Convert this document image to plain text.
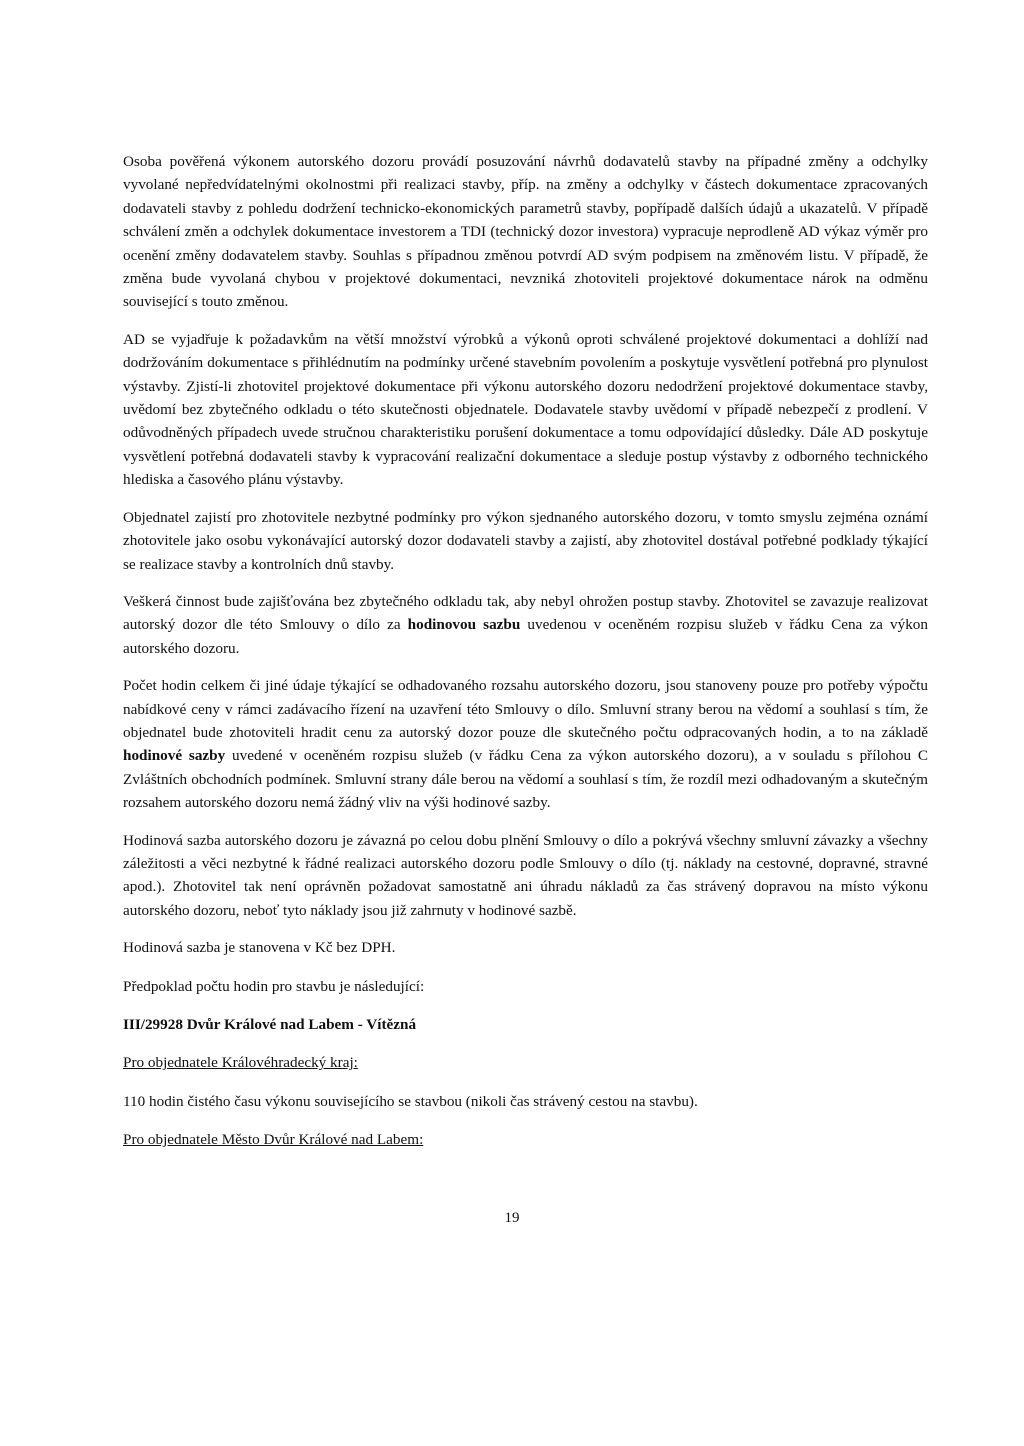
Osoba pověřená výkonem autorského dozoru provádí posuzování návrhů dodavatelů stavby na případné změny a odchylky vyvolané nepředvídatelnými okolnostmi při realizaci stavby, příp. na změny a odchylky v částech dokumentace zpracovaných dodavateli stavby z pohledu dodržení technicko-ekonomických parametrů stavby, popřípadě dalších údajů a ukazatelů. V případě schválení změn a odchylek dokumentace investorem a TDI (technický dozor investora) vypracuje neprodleně AD výkaz výměr pro ocenění změny dodavatelem stavby. Souhlas s případnou změnou potvrdí AD svým podpisem na změnovém listu. V případě, že změna bude vyvolaná chybou v projektové dokumentaci, nevzniká zhotoviteli projektové dokumentace nárok na odměnu související s touto změnou.

AD se vyjadřuje k požadavkům na větší množství výrobků a výkonů oproti schválené projektové dokumentaci a dohlíží nad dodržováním dokumentace s přihlédnutím na podmínky určené stavebním povolením a poskytuje vysvětlení potřebná pro plynulost výstavby. Zjistí-li zhotovitel projektové dokumentace při výkonu autorského dozoru nedodržení projektové dokumentace stavby, uvědomí bez zbytečného odkladu o této skutečnosti objednatele. Dodavatele stavby uvědomí v případě nebezpečí z prodlení. V odůvodněných případech uvede stručnou charakteristiku porušení dokumentace a tomu odpovídající důsledky. Dále AD poskytuje vysvětlení potřebná dodavateli stavby k vypracování realizační dokumentace a sleduje postup výstavby z odborného technického hlediska a časového plánu výstavby.

Objednatel zajistí pro zhotovitele nezbytné podmínky pro výkon sjednaného autorského dozoru, v tomto smyslu zejména oznámí zhotovitele jako osobu vykonávající autorský dozor dodavateli stavby a zajistí, aby zhotovitel dostával potřebné podklady týkající se realizace stavby a kontrolních dnů stavby.

Veškerá činnost bude zajišťována bez zbytečného odkladu tak, aby nebyl ohrožen postup stavby. Zhotovitel se zavazuje realizovat autorský dozor dle této Smlouvy o dílo za hodinovou sazbu uvedenou v oceněném rozpisu služeb v řádku Cena za výkon autorského dozoru.

Počet hodin celkem či jiné údaje týkající se odhadovaného rozsahu autorského dozoru, jsou stanoveny pouze pro potřeby výpočtu nabídkové ceny v rámci zadávacího řízení na uzavření této Smlouvy o dílo. Smluvní strany berou na vědomí a souhlasí s tím, že objednatel bude zhotoviteli hradit cenu za autorský dozor pouze dle skutečného počtu odpracovaných hodin, a to na základě hodinové sazby uvedené v oceněném rozpisu služeb (v řádku Cena za výkon autorského dozoru), a v souladu s přílohou C Zvláštních obchodních podmínek. Smluvní strany dále berou na vědomí a souhlasí s tím, že rozdíl mezi odhadovaným a skutečným rozsahem autorského dozoru nemá žádný vliv na výši hodinové sazby.

Hodinová sazba autorského dozoru je závazná po celou dobu plnění Smlouvy o dílo a pokrývá všechny smluvní závazky a všechny záležitosti a věci nezbytné k řádné realizaci autorského dozoru podle Smlouvy o dílo (tj. náklady na cestovné, dopravné, stravné apod.). Zhotovitel tak není oprávněn požadovat samostatně ani úhradu nákladů za čas strávený dopravou na místo výkonu autorského dozoru, neboť tyto náklady jsou již zahrnuty v hodinové sazbě.

Hodinová sazba je stanovena v Kč bez DPH.

Předpoklad počtu hodin pro stavbu je následující:

III/29928 Dvůr Králové nad Labem - Vítězná

Pro objednatele Královéhradecký kraj:

110 hodin čistého času výkonu souvisejícího se stavbou (nikoli čas strávený cestou na stavbu).

Pro objednatele Město Dvůr Králové nad Labem:

19
